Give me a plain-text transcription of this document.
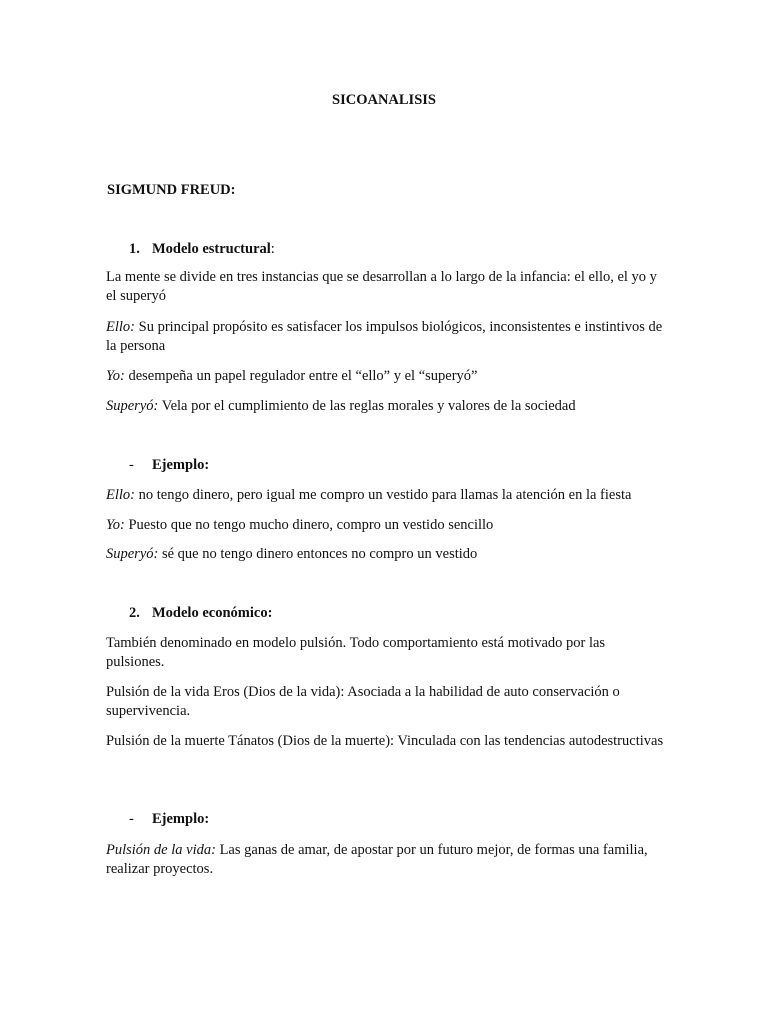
SICOANALISIS
SIGMUND FREUD:
1. Modelo estructural:
La mente se divide en tres instancias que se desarrollan a lo largo de la infancia: el ello, el yo y el superyó
Ello: Su principal propósito es satisfacer los impulsos biológicos, inconsistentes e instintivos de la persona
Yo: desempeña un papel regulador entre el “ello” y el “superyó”
Superyó: Vela por el cumplimiento de las reglas morales y valores de la sociedad
- Ejemplo:
Ello: no tengo dinero, pero igual me compro un vestido para llamas la atención en la fiesta
Yo: Puesto que no tengo mucho dinero, compro un vestido sencillo
Superyó: sé que no tengo dinero entonces no compro un vestido
2. Modelo económico:
También denominado en modelo pulsión. Todo comportamiento está motivado por las pulsiones.
Pulsión de la vida Eros (Dios de la vida): Asociada a la habilidad de auto conservación o supervivencia.
Pulsión de la muerte Tánatos (Dios de la muerte): Vinculada con las tendencias autodestructivas
- Ejemplo:
Pulsión de la vida: Las ganas de amar, de apostar por un futuro mejor, de formas una familia, realizar proyectos.
